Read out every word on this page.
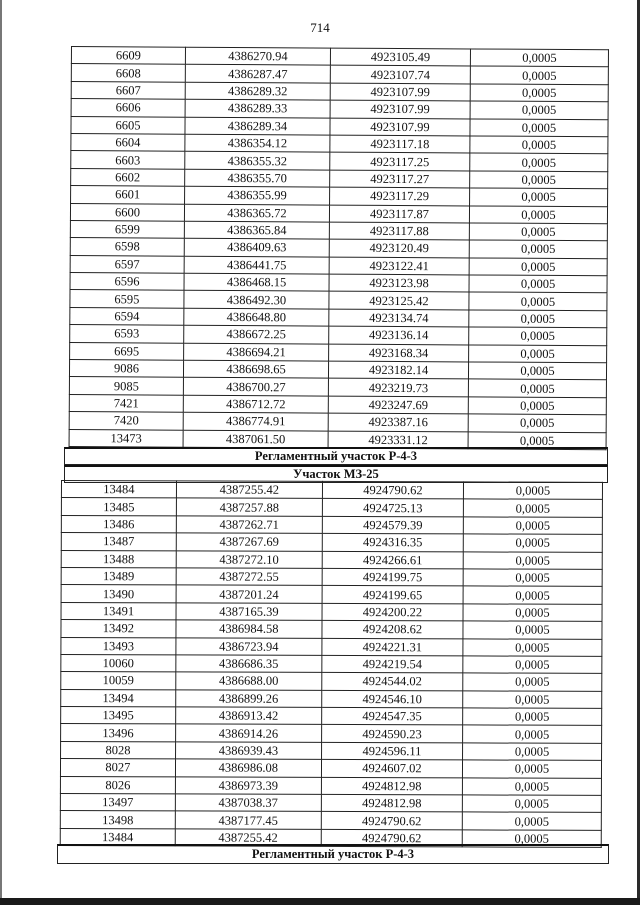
714
6609	4386270.94	4923105.49	0,0005
6608	4386287.47	4923107.74	0,0005
6607	4386289.32	4923107.99	0,0005
6606	4386289.33	4923107.99	0,0005
6605	4386289.34	4923107.99	0,0005
6604	4386354.12	4923117.18	0,0005
6603	4386355.32	4923117.25	0,0005
6602	4386355.70	4923117.27	0,0005
6601	4386355.99	4923117.29	0,0005
6600	4386365.72	4923117.87	0,0005
6599	4386365.84	4923117.88	0,0005
6598	4386409.63	4923120.49	0,0005
6597	4386441.75	4923122.41	0,0005
6596	4386468.15	4923123.98	0,0005
6595	4386492.30	4923125.42	0,0005
6594	4386648.80	4923134.74	0,0005
6593	4386672.25	4923136.14	0,0005
6695	4386694.21	4923168.34	0,0005
9086	4386698.65	4923182.14	0,0005
9085	4386700.27	4923219.73	0,0005
7421	4386712.72	4923247.69	0,0005
7420	4386774.91	4923387.16	0,0005
13473	4387061.50	4923331.12	0,0005
Регламентный участок Р-4-3
Участок МЗ-25
13484	4387255.42	4924790.62	0,0005
13485	4387257.88	4924725.13	0,0005
13486	4387262.71	4924579.39	0,0005
13487	4387267.69	4924316.35	0,0005
13488	4387272.10	4924266.61	0,0005
13489	4387272.55	4924199.75	0,0005
13490	4387201.24	4924199.65	0,0005
13491	4387165.39	4924200.22	0,0005
13492	4386984.58	4924208.62	0,0005
13493	4386723.94	4924221.31	0,0005
10060	4386686.35	4924219.54	0,0005
10059	4386688.00	4924544.02	0,0005
13494	4386899.26	4924546.10	0,0005
13495	4386913.42	4924547.35	0,0005
13496	4386914.26	4924590.23	0,0005
8028	4386939.43	4924596.11	0,0005
8027	4386986.08	4924607.02	0,0005
8026	4386973.39	4924812.98	0,0005
13497	4387038.37	4924812.98	0,0005
13498	4387177.45	4924790.62	0,0005
13484	4387255.42	4924790.62	0,0005
Регламентный участок Р-4-3
